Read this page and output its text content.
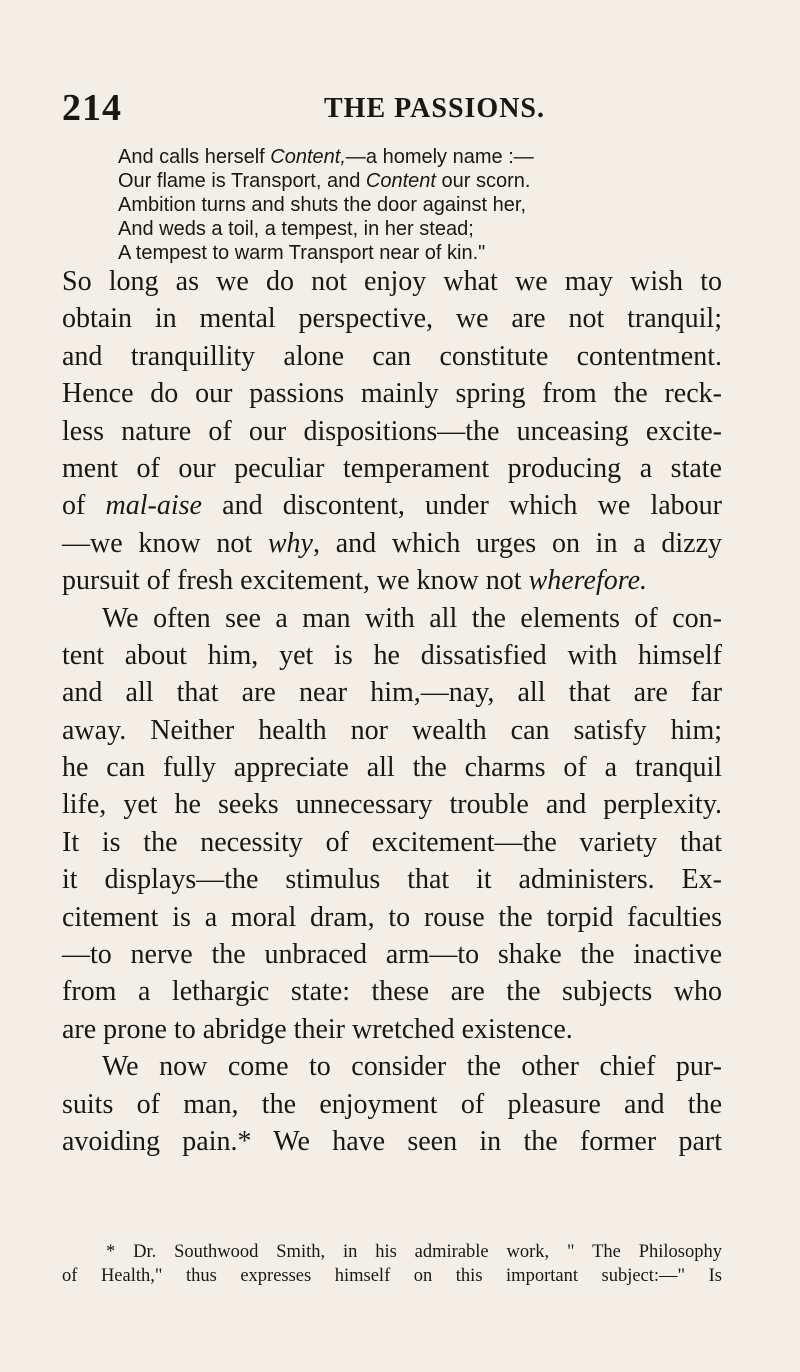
214	THE PASSIONS.
And calls herself Content,—a homely name :—
Our flame is Transport, and Content our scorn.
Ambition turns and shuts the door against her,
And weds a toil, a tempest, in her stead;
A tempest to warm Transport near of kin."
So long as we do not enjoy what we may wish to
obtain in mental perspective, we are not tranquil;
and tranquillity alone can constitute contentment.
Hence do our passions mainly spring from the reck-
less nature of our dispositions—the unceasing excite-
ment of our peculiar temperament producing a state
of mal-aise and discontent, under which we labour
—we know not why, and which urges on in a dizzy
pursuit of fresh excitement, we know not wherefore.
We often see a man with all the elements of con-
tent about him, yet is he dissatisfied with himself
and all that are near him,—nay, all that are far
away. Neither health nor wealth can satisfy him;
he can fully appreciate all the charms of a tranquil
life, yet he seeks unnecessary trouble and perplexity.
It is the necessity of excitement—the variety that
it displays—the stimulus that it administers. Ex-
citement is a moral dram, to rouse the torpid faculties
—to nerve the unbraced arm—to shake the inactive
from a lethargic state: these are the subjects who
are prone to abridge their wretched existence.
We now come to consider the other chief pur-
suits of man, the enjoyment of pleasure and the
avoiding pain.* We have seen in the former part
* Dr. Southwood Smith, in his admirable work, " The Philosophy
of Health," thus expresses himself on this important subject:—" Is
